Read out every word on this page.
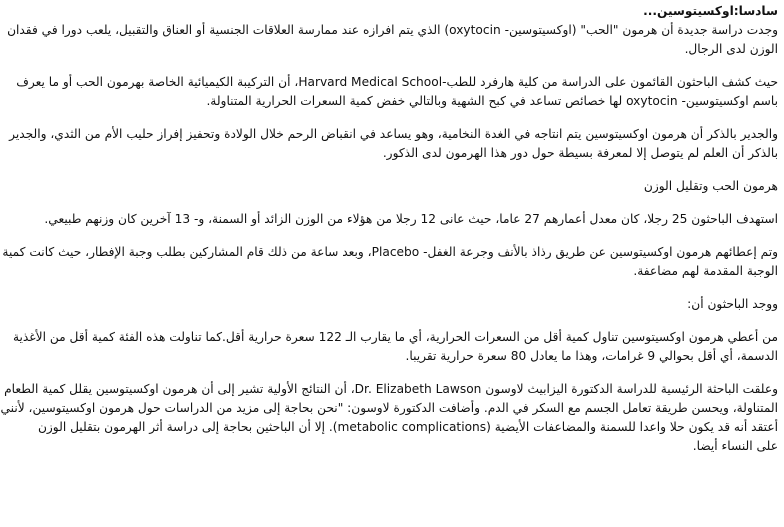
سادسا:اوكسيتوسين...

وجدت دراسة جديدة أن هرمون "الحب" (اوكسيتوسين- oxytocin) الذي يتم افرازه عند ممارسة العلاقات الجنسية أو العناق والتقبيل، يلعب دورا في فقدان

الوزن لدى الرجال.

حيث كشف الباحثون القائمون على الدراسة من كلية هارفرد للطب-Harvard Medical School، أن التركيبة الكيميائية الخاصة بهرمون الحب أو ما يعرف

باسم اوكسيتوسين- oxytocin لها خصائص تساعد في كبح الشهية وبالتالي خفض كمية السعرات الحرارية المتناولة.

والجدير بالذكر أن هرمون اوكسيتوسين يتم انتاجه في الغدة النخامية، وهو يساعد في انقباض الرحم خلال الولادة وتحفيز إفراز حليب الأم من الثدي، والجدير

بالذكر أن العلم لم يتوصل إلا لمعرفة بسيطة حول دور هذا الهرمون لدى الذكور.

هرمون الحب وتقليل الوزن

استهدف الباحثون 25 رجلا، كان معدل أعمارهم 27 عاما، حيث عانى 12 رجلا من هؤلاء من الوزن الزائد أو السمنة، و- 13 آخرين كان وزنهم طبيعي.

وتم إعطائهم هرمون اوكسيتوسين عن طريق رذاذ بالأنف وجرعة الغفل- Placebo، وبعد ساعة من ذلك قام المشاركين بطلب وجبة الإفطار، حيث كانت كمية

الوجبة المقدمة لهم مضاعفة.

ووجد الباحثون أن:

من أعطي هرمون اوكسيتوسين تناول كمية أقل من السعرات الحرارية، أي ما يقارب الـ 122 سعرة حرارية أقل.كما تناولت هذه الفئة كمية أقل من الأغذية

الدسمة، أي أقل بحوالي 9 غرامات، وهذا ما يعادل 80 سعرة حرارية تقريبا.

وعلقت الباحثة الرئيسية للدراسة الدكتورة اليزابيث لاوسون Dr. Elizabeth Lawson، أن النتائج الأولية تشير إلى أن هرمون اوكسيتوسين يقلل كمية الطعام

المتناولة، ويحسن طريقة تعامل الجسم مع السكر في الدم. وأضافت الدكتورة لاوسون: "نحن بحاجة إلى مزيد من الدراسات حول هرمون اوكسيتوسين، لأنني

أعتقد أنه قد يكون حلا واعدا للسمنة والمضاعفات الأيضية (metabolic complications). إلا أن الباحثين بحاجة إلى دراسة أثر الهرمون بتقليل الوزن

على النساء أيضا.
